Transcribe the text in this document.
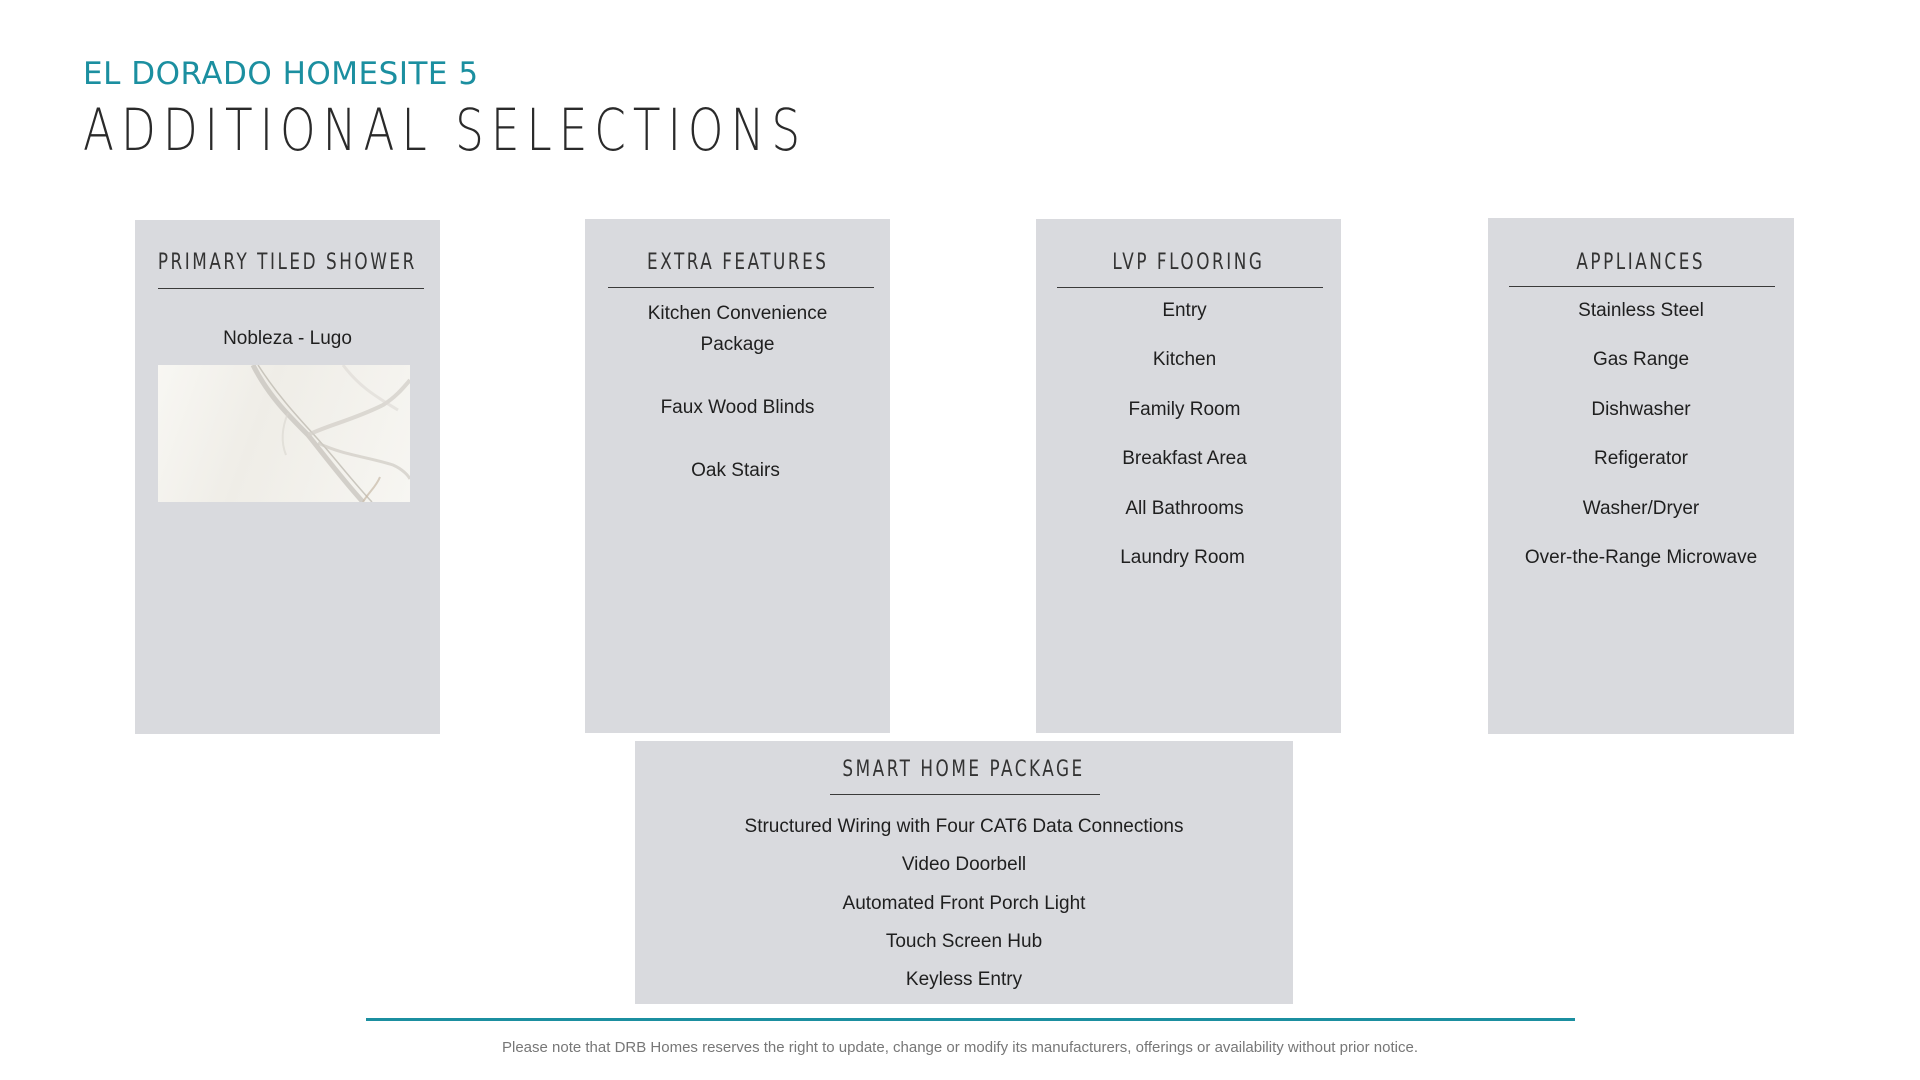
EL DORADO HOMESITE 5
ADDITIONAL SELECTIONS
PRIMARY TILED SHOWER
Nobleza - Lugo
EXTRA FEATURES
Kitchen Convenience
Package
Faux Wood Blinds
Oak Stairs
LVP FLOORING
Entry
Kitchen
Family Room
Breakfast Area
All Bathrooms
Laundry Room
APPLIANCES
Stainless Steel
Gas Range
Dishwasher
Refigerator
Washer/Dryer
Over-the-Range Microwave
SMART HOME PACKAGE
Structured Wiring with Four CAT6 Data Connections
Video Doorbell
Automated Front Porch Light
Touch Screen Hub
Keyless Entry
Please note that DRB Homes reserves the right to update, change or modify its manufacturers, offerings or availability without prior notice.
